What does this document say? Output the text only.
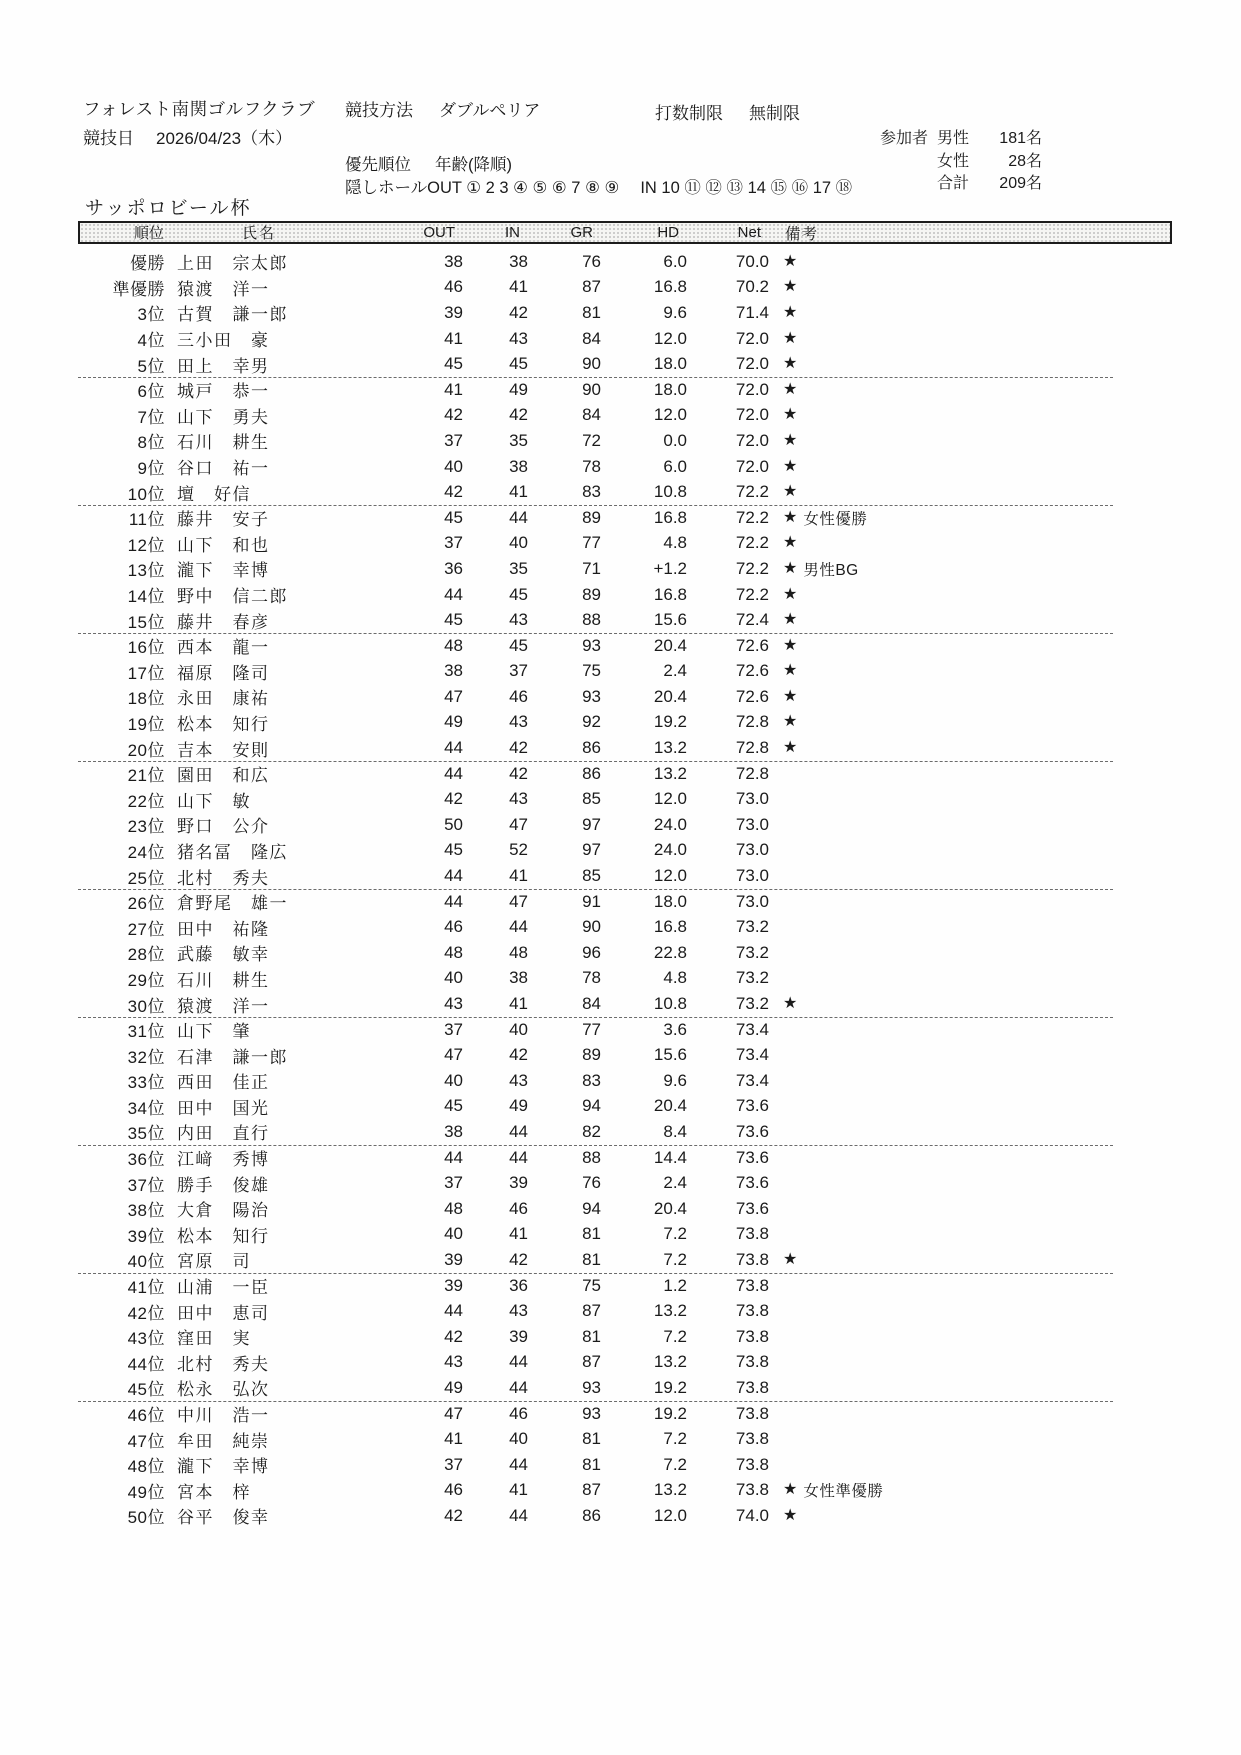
フォレスト南関ゴルフクラブ
競技日 2026/04/23（木）
競技方法 ダブルペリア	打数制限 無制限
優先順位 年齢(降順)
隠しホールOUT ① 2 3 ④ ⑤ ⑥ 7 ⑧ ⑨　 IN 10 ⑪ ⑫ ⑬ 14 ⑮ ⑯ 17 ⑱
参加者 男性	181名
女性	28名
合計	209名
サッポロビール杯
順位	氏名	OUT	IN	GR	HD	Net	備考
優勝 上田　宗太郎	38	38	76	6.0	70.0 ★
準優勝 猿渡　洋一	46	41	87	16.8	70.2 ★
3位 古賀　謙一郎	39	42	81	9.6	71.4 ★
4位 三小田　豪	41	43	84	12.0	72.0 ★
5位 田上　幸男	45	45	90	18.0	72.0 ★
6位 城戸　恭一	41	49	90	18.0	72.0 ★
7位 山下　勇夫	42	42	84	12.0	72.0 ★
8位 石川　耕生	37	35	72	0.0	72.0 ★
9位 谷口　祐一	40	38	78	6.0	72.0 ★
10位 壇　好信	42	41	83	10.8	72.2 ★
11位 藤井　安子	45	44	89	16.8	72.2 ★ 女性優勝
12位 山下　和也	37	40	77	4.8	72.2 ★
13位 瀧下　幸博	36	35	71	+1.2	72.2 ★ 男性BG
14位 野中　信二郎	44	45	89	16.8	72.2 ★
15位 藤井　春彦	45	43	88	15.6	72.4 ★
16位 西本　龍一	48	45	93	20.4	72.6 ★
17位 福原　隆司	38	37	75	2.4	72.6 ★
18位 永田　康祐	47	46	93	20.4	72.6 ★
19位 松本　知行	49	43	92	19.2	72.8 ★
20位 吉本　安則	44	42	86	13.2	72.8 ★
21位 園田　和広	44	42	86	13.2	72.8
22位 山下　敏	42	43	85	12.0	73.0
23位 野口　公介	50	47	97	24.0	73.0
24位 猪名冨　隆広	45	52	97	24.0	73.0
25位 北村　秀夫	44	41	85	12.0	73.0
26位 倉野尾　雄一	44	47	91	18.0	73.0
27位 田中　祐隆	46	44	90	16.8	73.2
28位 武藤　敏幸	48	48	96	22.8	73.2
29位 石川　耕生	40	38	78	4.8	73.2
30位 猿渡　洋一	43	41	84	10.8	73.2 ★
31位 山下　肇	37	40	77	3.6	73.4
32位 石津　謙一郎	47	42	89	15.6	73.4
33位 西田　佳正	40	43	83	9.6	73.4
34位 田中　国光	45	49	94	20.4	73.6
35位 内田　直行	38	44	82	8.4	73.6
36位 江﨑　秀博	44	44	88	14.4	73.6
37位 勝手　俊雄	37	39	76	2.4	73.6
38位 大倉　陽治	48	46	94	20.4	73.6
39位 松本　知行	40	41	81	7.2	73.8
40位 宮原　司	39	42	81	7.2	73.8 ★
41位 山浦　一臣	39	36	75	1.2	73.8
42位 田中　恵司	44	43	87	13.2	73.8
43位 窪田　実	42	39	81	7.2	73.8
44位 北村　秀夫	43	44	87	13.2	73.8
45位 松永　弘次	49	44	93	19.2	73.8
46位 中川　浩一	47	46	93	19.2	73.8
47位 牟田　純崇	41	40	81	7.2	73.8
48位 瀧下　幸博	37	44	81	7.2	73.8
49位 宮本　梓	46	41	87	13.2	73.8 ★ 女性準優勝
50位 谷平　俊幸	42	44	86	12.0	74.0 ★
